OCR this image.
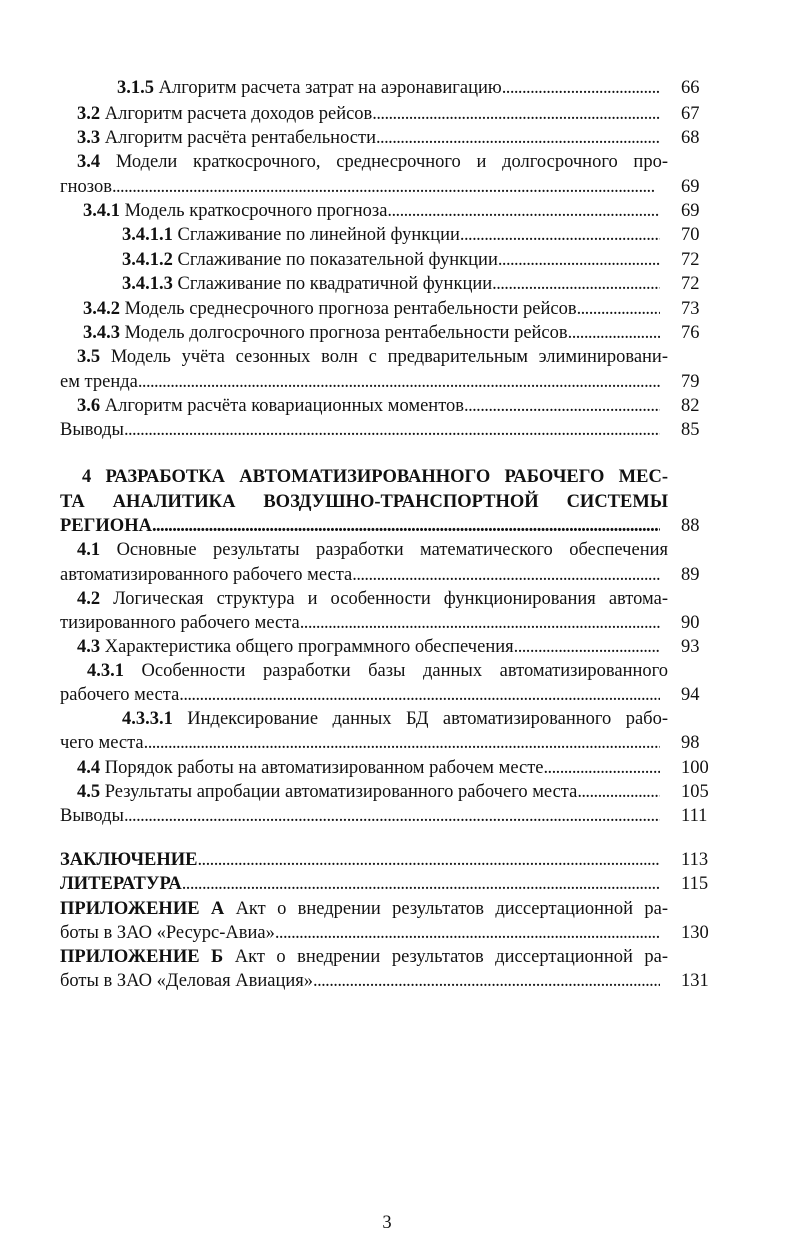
3.1.5 Алгоритм расчета затрат на аэронавигацию . . .	66
3.2 Алгоритм расчета доходов рейсов . . .	67
3.3 Алгоритм расчёта рентабельности . . .	68
3.4 Модели краткосрочного, среднесрочного и долгосрочного про-
гнозов . . .	69
3.4.1 Модель краткосрочного прогноза . . .	69
3.4.1.1 Сглаживание по линейной функции . . .	70
3.4.1.2 Сглаживание по показательной функции . . .	72
3.4.1.3 Сглаживание по квадратичной функции . . .	72
3.4.2 Модель среднесрочного прогноза рентабельности рейсов . . .	73
3.4.3 Модель долгосрочного прогноза рентабельности рейсов . . .	76
3.5 Модель учёта сезонных волн с предварительным элиминировани-
ем тренда . . .	79
3.6 Алгоритм расчёта ковариационных моментов . . .	82
Выводы . . .	85
4 РАЗРАБОТКА АВТОМАТИЗИРОВАННОГО РАБОЧЕГО МЕС-
ТА АНАЛИТИКА ВОЗДУШНО-ТРАНСПОРТНОЙ СИСТЕМЫ
РЕГИОНА . . .	88
4.1 Основные результаты разработки математического обеспечения
автоматизированного рабочего места . . .	89
4.2 Логическая структура и особенности функционирования автома-
тизированного рабочего места . . .	90
4.3 Характеристика общего программного обеспечения . . .	93
4.3.1 Особенности разработки базы данных автоматизированного
рабочего места . . .	94
4.3.3.1 Индексирование данных БД автоматизированного рабо-
чего места . . .	98
4.4 Порядок работы на автоматизированном рабочем месте . . .	100
4.5 Результаты апробации автоматизированного рабочего места . . .	105
Выводы . . .	111
ЗАКЛЮЧЕНИЕ . . .	113
ЛИТЕРАТУРА . . .	115
ПРИЛОЖЕНИЕ А Акт о внедрении результатов диссертационной ра-
боты в ЗАО «Ресурс-Авиа» . . .	130
ПРИЛОЖЕНИЕ Б Акт о внедрении результатов диссертационной ра-
боты в ЗАО «Деловая Авиация» . . .	131
3
